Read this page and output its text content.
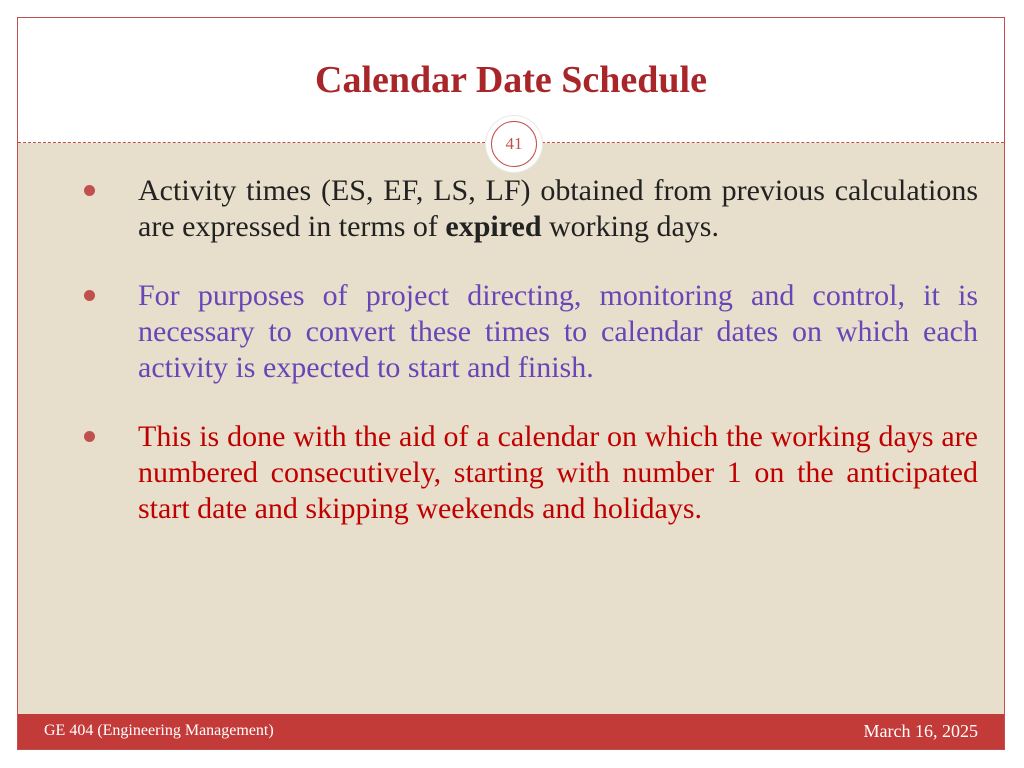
Calendar Date Schedule
41
Activity times (ES, EF, LS, LF) obtained from previous calculations are expressed in terms of expired working days.
For purposes of project directing, monitoring and control, it is necessary to convert these times to calendar dates on which each activity is expected to start and finish.
This is done with the aid of a calendar on which the working days are numbered consecutively, starting with number 1 on the anticipated start date and skipping weekends and holidays.
GE 404 (Engineering Management)	March 16, 2025
